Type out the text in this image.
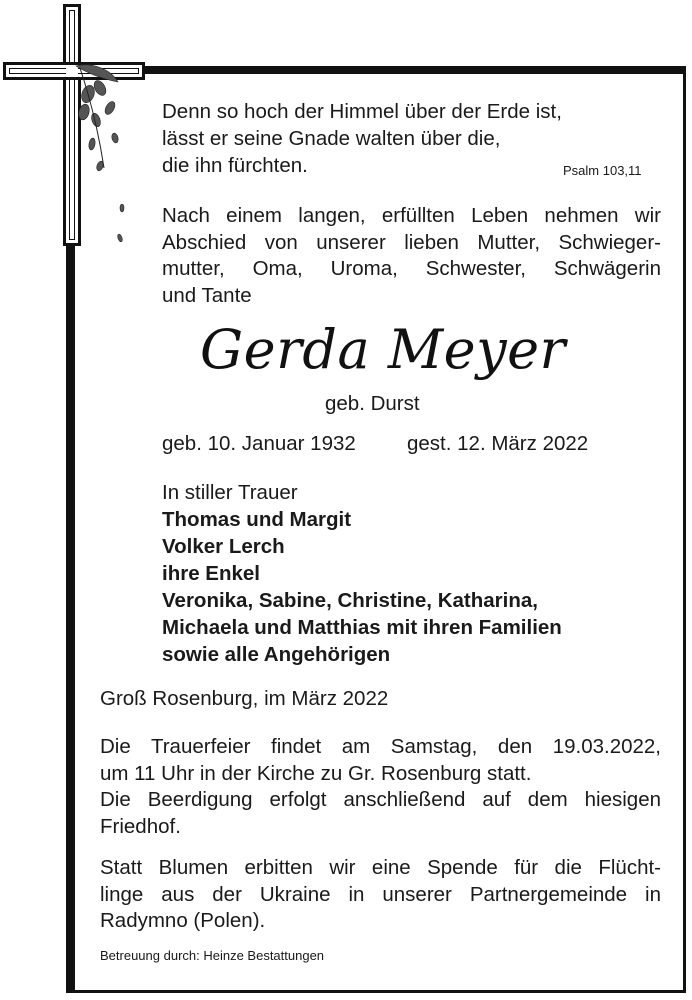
Denn so hoch der Himmel über der Erde ist,
lässt er seine Gnade walten über die,
die ihn fürchten.	Psalm 103,11
Nach einem langen, erfüllten Leben nehmen wir
Abschied von unserer lieben Mutter, Schwieger-
mutter, Oma, Uroma, Schwester, Schwägerin
und Tante
Gerda Meyer
geb. Durst
geb. 10. Januar 1932 gest. 12. März 2022
In stiller Trauer
Thomas und Margit
Volker Lerch
ihre Enkel
Veronika, Sabine, Christine, Katharina,
Michaela und Matthias mit ihren Familien
sowie alle Angehörigen
Groß Rosenburg, im März 2022
Die Trauerfeier findet am Samstag, den 19.03.2022,
um 11 Uhr in der Kirche zu Gr. Rosenburg statt.
Die Beerdigung erfolgt anschließend auf dem hiesigen
Friedhof.
Statt Blumen erbitten wir eine Spende für die Flücht-
linge aus der Ukraine in unserer Partnergemeinde in
Radymno (Polen).
Betreuung durch: Heinze Bestattungen
